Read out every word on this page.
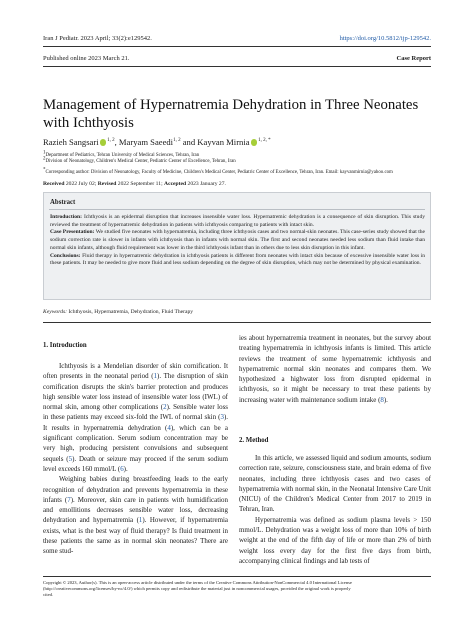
Iran J Pediatr. 2023 April; 33(2):e129542.	https://doi.org/10.5812/ijp-129542.
Published online 2023 March 21.	Case Report
Management of Hypernatremia Dehydration in Three Neonates with Ichthyosis
Razieh Sangsari $^{1, 2}$, Maryam Saeedi$^{1, 2}$ and Kayvan Mirnia $^{1, 2, *}$
$^1$Department of Pediatrics, Tehran University of Medical Sciences, Tehran, Iran
$^2$Division of Neonatology, Children's Medical Center, Pediatric Center of Excellence, Tehran, Iran
*Corresponding author: Division of Neonatology, Faculty of Medicine, Children's Medical Center, Pediatric Center of Excellence, Tehran, Iran. Email: kayvanmirnia@yahoo.com
Received 2022 July 02; Revised 2022 September 11; Accepted 2023 January 27.
Abstract
Introduction: Ichthyosis is an epidermal disruption that increases insensible water loss. Hypernatremic dehydration is a consequence of skin disruption. This study reviewed the treatment of hypernatremic dehydration in patients with ichthyosis comparing to patients with intact skin.
Case Presentation: We studied five neonates with hypernatremia, including three ichthyosis cases and two normal-skin neonates. This case-series study showed that the sodium correction rate is slower in infants with ichthyosis than in infants with normal skin. The first and second neonates needed less sodium than fluid intake than normal skin infants, although fluid requirement was lower in the third ichthyosis infant than in others due to less skin disruption in this infant.
Conclusions: Fluid therapy in hypernatremic dehydration in ichthyosis patients is different from neonates with intact skin because of excessive insensible water loss in these patients. It may be needed to give more fluid and less sodium depending on the degree of skin disruption, which may not be determined by physical examination.
Keywords: Ichthyosis, Hypernatremia, Dehydration, Fluid Therapy
1. Introduction

Ichthyosis is a Mendelian disorder of skin cornification. It often presents in the neonatal period (1). The disruption of skin cornification disrupts the skin's barrier protection and produces high sensible water loss instead of insensible water loss (IWL) of normal skin, among other complications (2). Sensible water loss in these patients may exceed six-fold the IWL of normal skin (3). It results in hypernatremia dehydration (4), which can be a significant complication. Serum sodium concentration may be very high, producing persistent convulsions and subsequent sequels (5). Death or seizure may proceed if the serum sodium level exceeds 160 mmol/L (6).

Weighing babies during breastfeeding leads to the early recognition of dehydration and prevents hypernatremia in these infants (7). Moreover, skin care in patients with humidification and emollitions decreases sensible water loss, decreasing dehydration and hypernatremia (1). However, if hypernatremia exists, what is the best way of fluid therapy? Is fluid treatment in these patients the same as in normal skin neonates? There are some stud-

ies about hypernatremia treatment in neonates, but the survey about treating hypernatremia in ichthyosis infants is limited. This article reviews the treatment of some hypernatremic ichthyosis and hypernatremic normal skin neonates and compares them. We hypothesized a highwater loss from disrupted epidermal in ichthyosis, so it might be necessary to treat these patients by increasing water with maintenance sodium intake (8).

2. Method

In this article, we assessed liquid and sodium amounts, sodium correction rate, seizure, consciousness state, and brain edema of five neonates, including three ichthyosis cases and two cases of hypernatremia with normal skin, in the Neonatal Intensive Care Unit (NICU) of the Children's Medical Center from 2017 to 2019 in Tehran, Iran.

Hypernatremia was defined as sodium plasma levels > 150 mmol/L. Dehydration was a weight loss of more than 10% of birth weight at the end of the fifth day of life or more than 2% of birth weight loss every day for the first five days from birth, accompanying clinical findings and lab tests of

Copyright © 2023, Author(s). This is an open-access article distributed under the terms of the Creative Commons Attribution-NonCommercial 4.0 International License
(http://creativecommons.org/licenses/by-nc/4.0/) which permits copy and redistribute the material just in noncommercial usages, provided the original work is properly
cited.
